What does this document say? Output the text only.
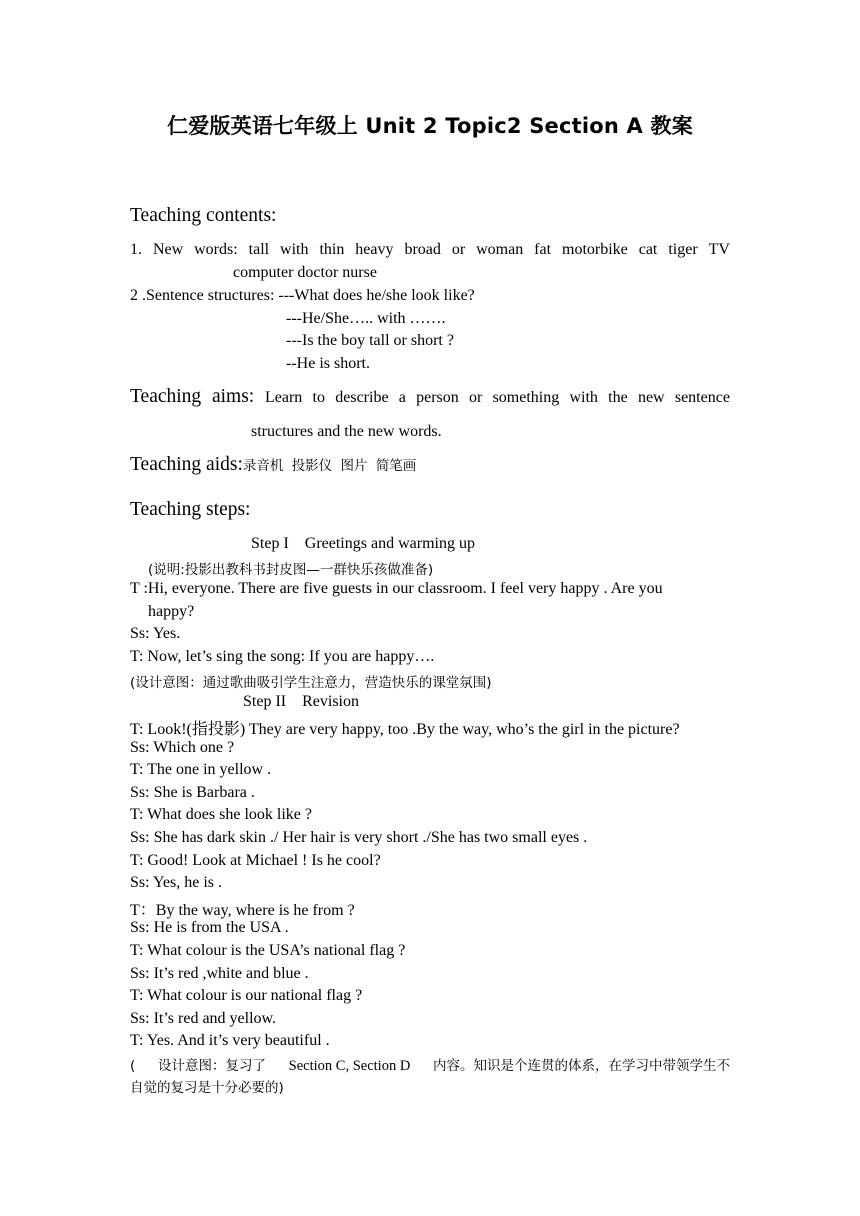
仁爱版英语七年级上 Unit 2 Topic2 Section A 教案
Teaching contents:
1. New words: tall with thin heavy broad or woman fat motorbike cat tiger TV
computer doctor nurse
2 .Sentence structures: ---What does he/she look like?
---He/She….. with …….
---Is the boy tall or short ?
--He is short.
Teaching aims: Learn to describe a person or something with the new sentence
structures and the new words.
Teaching aids:录音机 投影仪 图片 简笔画
Teaching steps:
Step I    Greetings and warming up
(说明:投影出教科书封皮图—一群快乐孩做准备)
T :Hi, everyone. There are five guests in our classroom. I feel very happy . Are you
happy?
Ss: Yes.
T: Now, let’s sing the song: If you are happy….
(设计意图：通过歌曲吸引学生注意力，营造快乐的课堂氛围)
Step II    Revision
T: Look!(指投影) They are very happy, too .By the way, who’s the girl in the picture?
Ss: Which one ?
T: The one in yellow .
Ss: She is Barbara .
T: What does she look like ?
Ss: She has dark skin ./ Her hair is very short ./She has two small eyes .
T: Good! Look at Michael ! Is he cool?
Ss: Yes, he is .
T：By the way, where is he from ?
Ss: He is from the USA .
T: What colour is the USA’s national flag ?
Ss: It’s red ,white and blue .
T: What colour is our national flag ?
Ss: It’s red and yellow.
T: Yes. And it’s very beautiful .
( 设计意图：复习了 Section C, Section D 内容。知识是个连贯的体系，在学习中带领学生不
自觉的复习是十分必要的)
